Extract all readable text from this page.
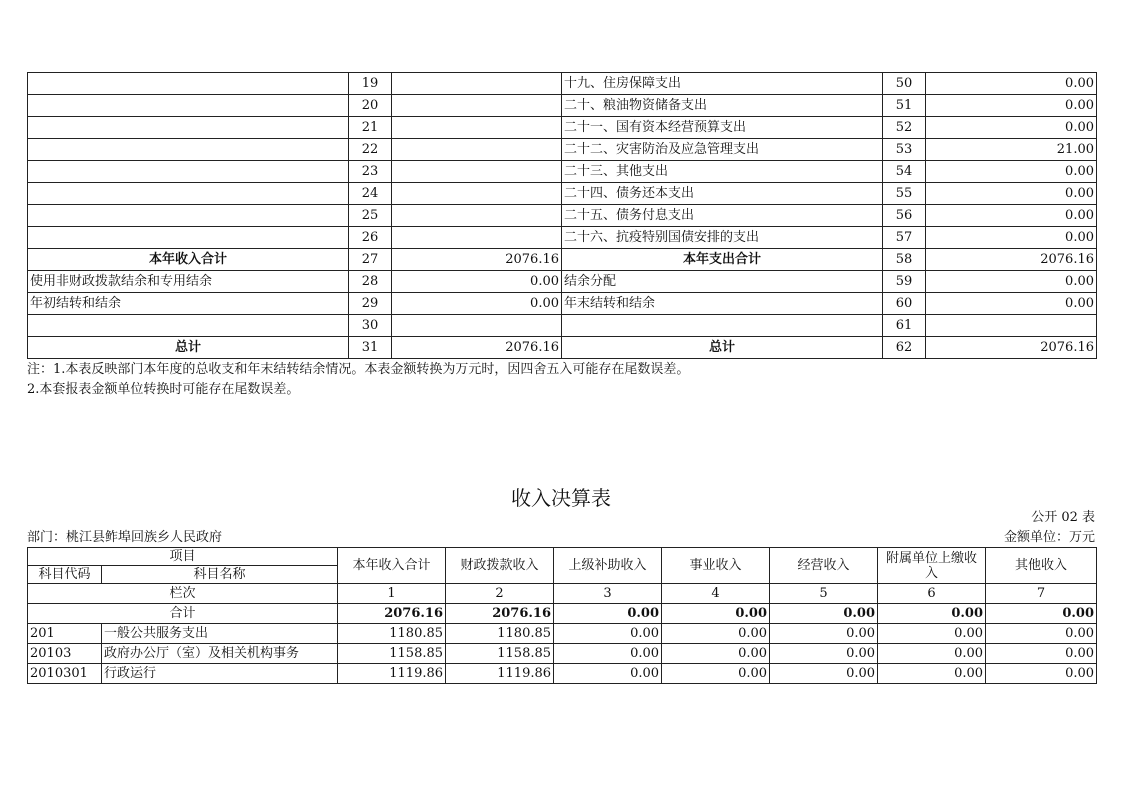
	19		十九、住房保障支出	50	0.00
	20		二十、粮油物资储备支出	51	0.00
	21		二十一、国有资本经营预算支出	52	0.00
	22		二十二、灾害防治及应急管理支出	53	21.00
	23		二十三、其他支出	54	0.00
	24		二十四、债务还本支出	55	0.00
	25		二十五、债务付息支出	56	0.00
	26		二十六、抗疫特别国债安排的支出	57	0.00
本年收入合计	27	2076.16	本年支出合计	58	2076.16
使用非财政拨款结余和专用结余	28	0.00	结余分配	59	0.00
年初结转和结余	29	0.00	年末结转和结余	60	0.00
	30			61	
总计	31	2076.16	总计	62	2076.16
注：1.本表反映部门本年度的总收支和年末结转结余情况。本表金额转换为万元时，因四舍五入可能存在尾数误差。
2.本套报表金额单位转换时可能存在尾数误差。
收入决算表
公开 02 表
部门：桃江县鲊埠回族乡人民政府	金额单位：万元
项目		本年收入合计	财政拨款收入	上级补助收入	事业收入	经营收入	附属单位上缴收入	其他收入
科目代码	科目名称							
栏次		1	2	3	4	5	6	7
合计		2076.16	2076.16	0.00	0.00	0.00	0.00	0.00
201	一般公共服务支出	1180.85	1180.85	0.00	0.00	0.00	0.00	0.00
20103	政府办公厅（室）及相关机构事务	1158.85	1158.85	0.00	0.00	0.00	0.00	0.00
2010301	行政运行	1119.86	1119.86	0.00	0.00	0.00	0.00	0.00
